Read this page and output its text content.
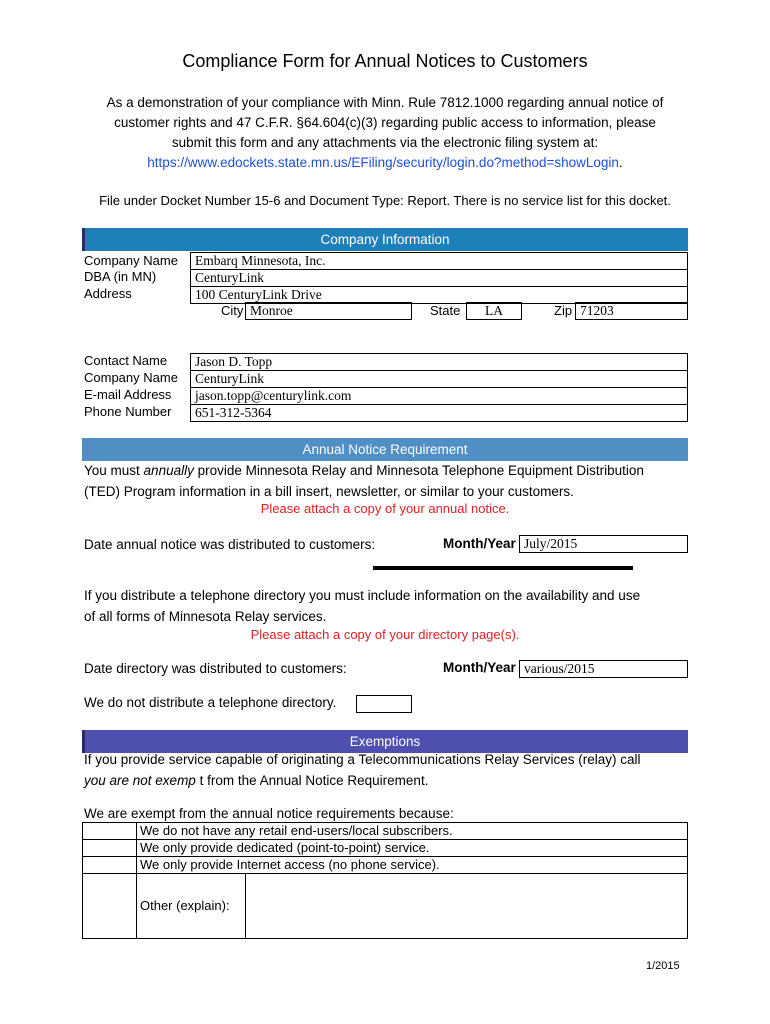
Compliance Form for Annual Notices to Customers
As a demonstration of your compliance with Minn. Rule 7812.1000 regarding annual notice of
customer rights and 47 C.F.R. §64.604(c)(3) regarding public access to information, please
submit this form and any attachments via the electronic filing system at:
https://www.edockets.state.mn.us/EFiling/security/login.do?method=showLogin.
File under Docket Number 15-6 and Document Type: Report. There is no service list for this docket.
Company Information
Company Name	Embarq Minnesota, Inc.
DBA (in MN)	CenturyLink
Address	100 CenturyLink Drive
City Monroe	State	LA	Zip 71203
Contact Name	Jason D. Topp
Company Name	CenturyLink
E-mail Address	jason.topp@centurylink.com
Phone Number	651-312-5364
Annual Notice Requirement
You must annually provide Minnesota Relay and Minnesota Telephone Equipment Distribution
(TED) Program information in a bill insert, newsletter, or similar to your customers.
Please attach a copy of your annual notice.
Date annual notice was distributed to customers:	Month/Year July/2015
If you distribute a telephone directory you must include information on the availability and use
of all forms of Minnesota Relay services.
Please attach a copy of your directory page(s).
Date directory was distributed to customers:	Month/Year various/2015
We do not distribute a telephone directory.
Exemptions
If you provide service capable of originating a Telecommunications Relay Services (relay) call
you are not exemp t from the Annual Notice Requirement.
We are exempt from the annual notice requirements because:
	We do not have any retail end-users/local subscribers.	
	We only provide dedicated (point-to-point) service.	
	We only provide Internet access (no phone service).	
	Other (explain):	
1/2015
